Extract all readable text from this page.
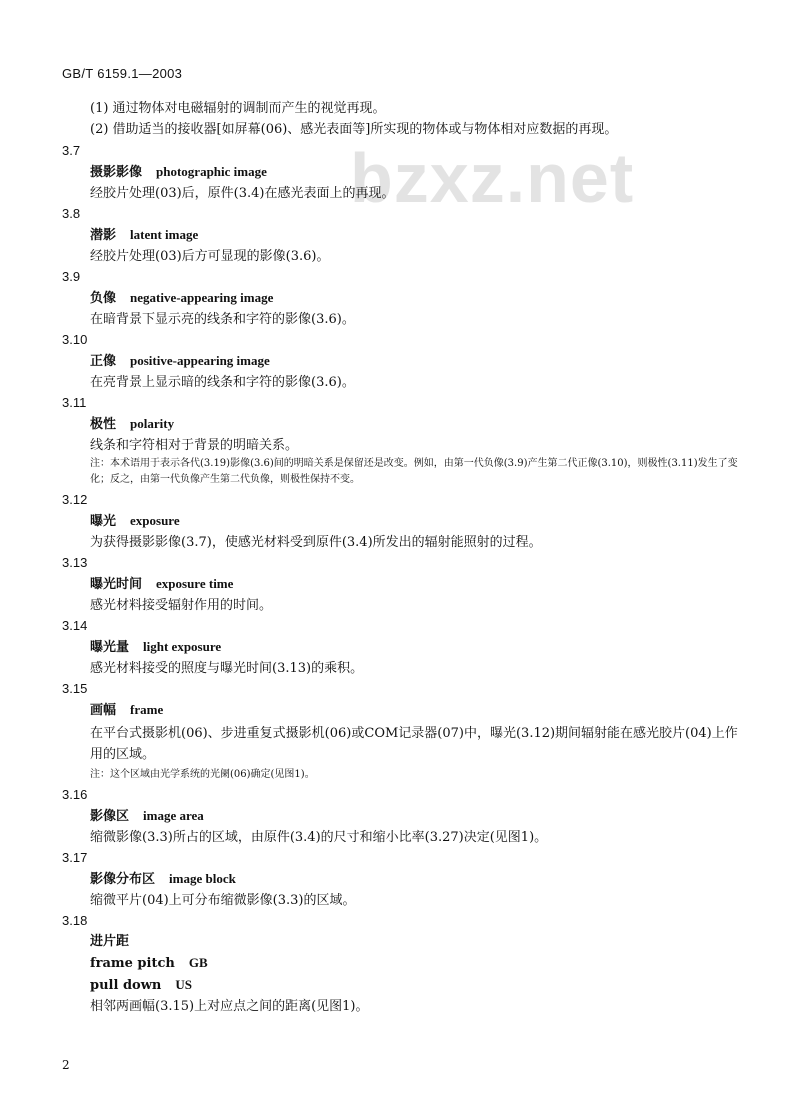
GB/T 6159.1—2003
bzxz.net
(1) 通过物体对电磁辐射的调制而产生的视觉再现。
(2) 借助适当的接收器[如屏幕(06)、感光表面等]所实现的物体或与物体相对应数据的再现。
3.7
摄影影像 photographic image
经胶片处理(03)后，原件(3.4)在感光表面上的再现。
3.8
潜影 latent image
经胶片处理(03)后方可显现的影像(3.6)。
3.9
负像 negative-appearing image
在暗背景下显示亮的线条和字符的影像(3.6)。
3.10
正像 positive-appearing image
在亮背景上显示暗的线条和字符的影像(3.6)。
3.11
极性 polarity
线条和字符相对于背景的明暗关系。
注：本术语用于表示各代(3.19)影像(3.6)间的明暗关系是保留还是改变。例如，由第一代负像(3.9)产生第二代正像(3.10)，则极性(3.11)发生了变化；反之，由第一代负像产生第二代负像，则极性保持不变。
3.12
曝光 exposure
为获得摄影影像(3.7)，使感光材料受到原件(3.4)所发出的辐射能照射的过程。
3.13
曝光时间 exposure time
感光材料接受辐射作用的时间。
3.14
曝光量 light exposure
感光材料接受的照度与曝光时间(3.13)的乘积。
3.15
画幅 frame
在平台式摄影机(06)、步进重复式摄影机(06)或COM记录器(07)中，曝光(3.12)期间辐射能在感光胶片(04)上作用的区域。
注：这个区域由光学系统的光阑(06)确定(见图1)。
3.16
影像区 image area
缩微影像(3.3)所占的区域，由原件(3.4)的尺寸和缩小比率(3.27)决定(见图1)。
3.17
影像分布区 image block
缩微平片(04)上可分布缩微影像(3.3)的区域。
3.18
进片距
frame pitch GB
pull down US
相邻两画幅(3.15)上对应点之间的距离(见图1)。
2
